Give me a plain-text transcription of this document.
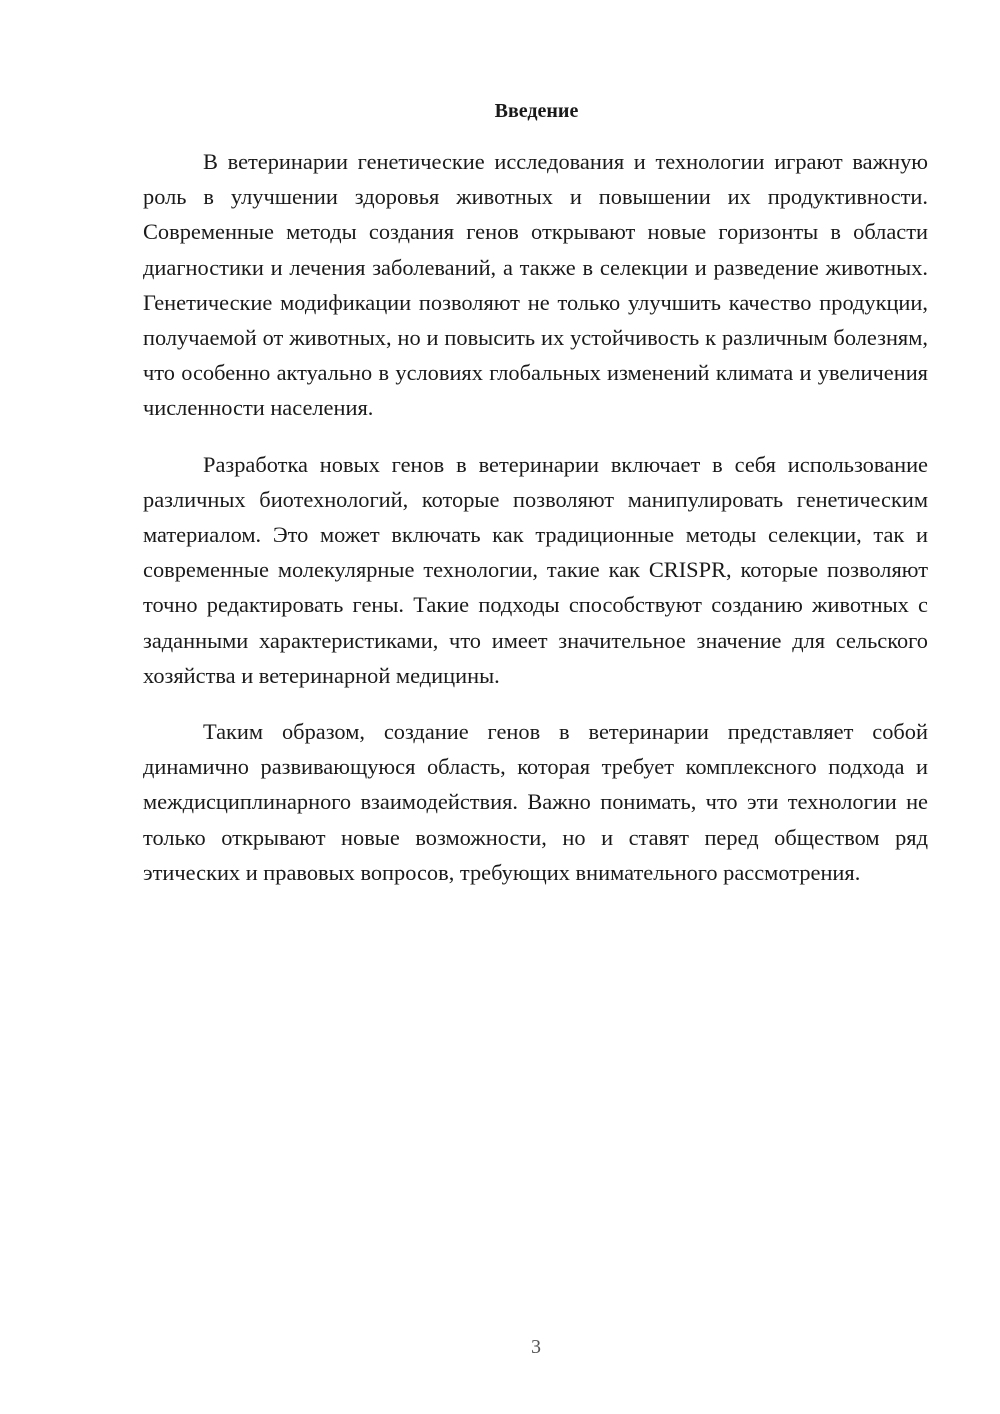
Введение

В ветеринарии генетические исследования и технологии играют важную роль в улучшении здоровья животных и повышении их продуктивности. Современные методы создания генов открывают новые горизонты в области диагностики и лечения заболеваний, а также в селекции и разведение животных. Генетические модификации позволяют не только улучшить качество продукции, получаемой от животных, но и повысить их устойчивость к различным болезням, что особенно актуально в условиях глобальных изменений климата и увеличения численности населения.

Разработка новых генов в ветеринарии включает в себя использование различных биотехнологий, которые позволяют манипулировать генетическим материалом. Это может включать как традиционные методы селекции, так и современные молекулярные технологии, такие как CRISPR, которые позволяют точно редактировать гены. Такие подходы способствуют созданию животных с заданными характеристиками, что имеет значительное значение для сельского хозяйства и ветеринарной медицины.

Таким образом, создание генов в ветеринарии представляет собой динамично развивающуюся область, которая требует комплексного подхода и междисциплинарного взаимодействия. Важно понимать, что эти технологии не только открывают новые возможности, но и ставят перед обществом ряд этических и правовых вопросов, требующих внимательного рассмотрения.

3
